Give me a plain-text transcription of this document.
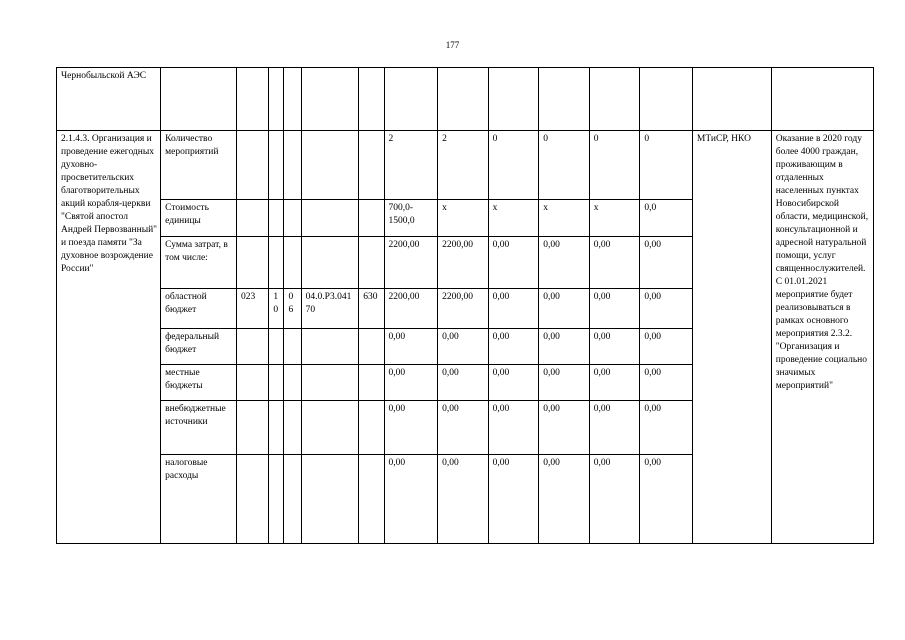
177
Чернобыльской АЭС														
2.1.4.3. Организация и проведение ежегодных духовно-просветительских благотворительных акций корабля-церкви "Святой апостол Андрей Первозванный" и поезда памяти "За духовное возрождение России"	Количество мероприятий						2	2	0	0	0	0	МТиСР, НКО	Оказание в 2020 году более 4000 граждан, проживающим в отдаленных населенных пунктах Новосибирской области, медицинской, консультационной и адресной натуральной помощи, услуг священнослужителей. С 01.01.2021 мероприятие будет реализовываться в рамках основного мероприятия 2.3.2. "Организация и проведение социально значимых мероприятий"
	Стоимость единицы						700,0-1500,0	х	х	х	х	0,0		
	Сумма затрат, в том числе:						2200,00	2200,00	0,00	0,00	0,00	0,00		
	областной бюджет	023	10	06	04.0.Р3.04170	630	2200,00	2200,00	0,00	0,00	0,00	0,00		
	федеральный бюджет						0,00	0,00	0,00	0,00	0,00	0,00		
	местные бюджеты						0,00	0,00	0,00	0,00	0,00	0,00		
	внебюджетные источники						0,00	0,00	0,00	0,00	0,00	0,00		
	налоговые расходы						0,00	0,00	0,00	0,00	0,00	0,00		
